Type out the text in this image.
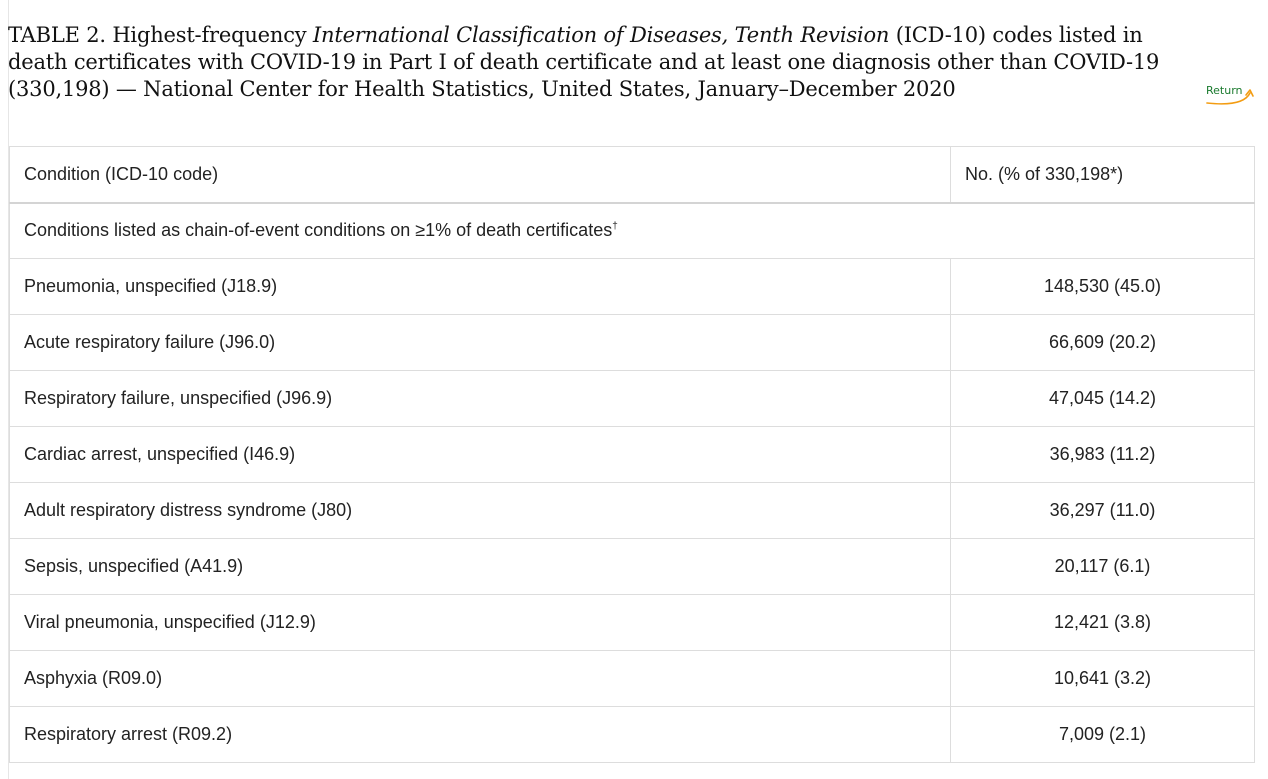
TABLE 2. Highest-frequency International Classification of Diseases, Tenth Revision (ICD-10) codes listed in death certificates with COVID-19 in Part I of death certificate and at least one diagnosis other than COVID-19 (330,198) — National Center for Health Statistics, United States, January–December 2020	Return
Condition (ICD-10 code)	No. (% of 330,198*)
Conditions listed as chain-of-event conditions on ≥1% of death certificates†
Pneumonia, unspecified (J18.9)	148,530 (45.0)
Acute respiratory failure (J96.0)	66,609 (20.2)
Respiratory failure, unspecified (J96.9)	47,045 (14.2)
Cardiac arrest, unspecified (I46.9)	36,983 (11.2)
Adult respiratory distress syndrome (J80)	36,297 (11.0)
Sepsis, unspecified (A41.9)	20,117 (6.1)
Viral pneumonia, unspecified (J12.9)	12,421 (3.8)
Asphyxia (R09.0)	10,641 (3.2)
Respiratory arrest (R09.2)	7,009 (2.1)
